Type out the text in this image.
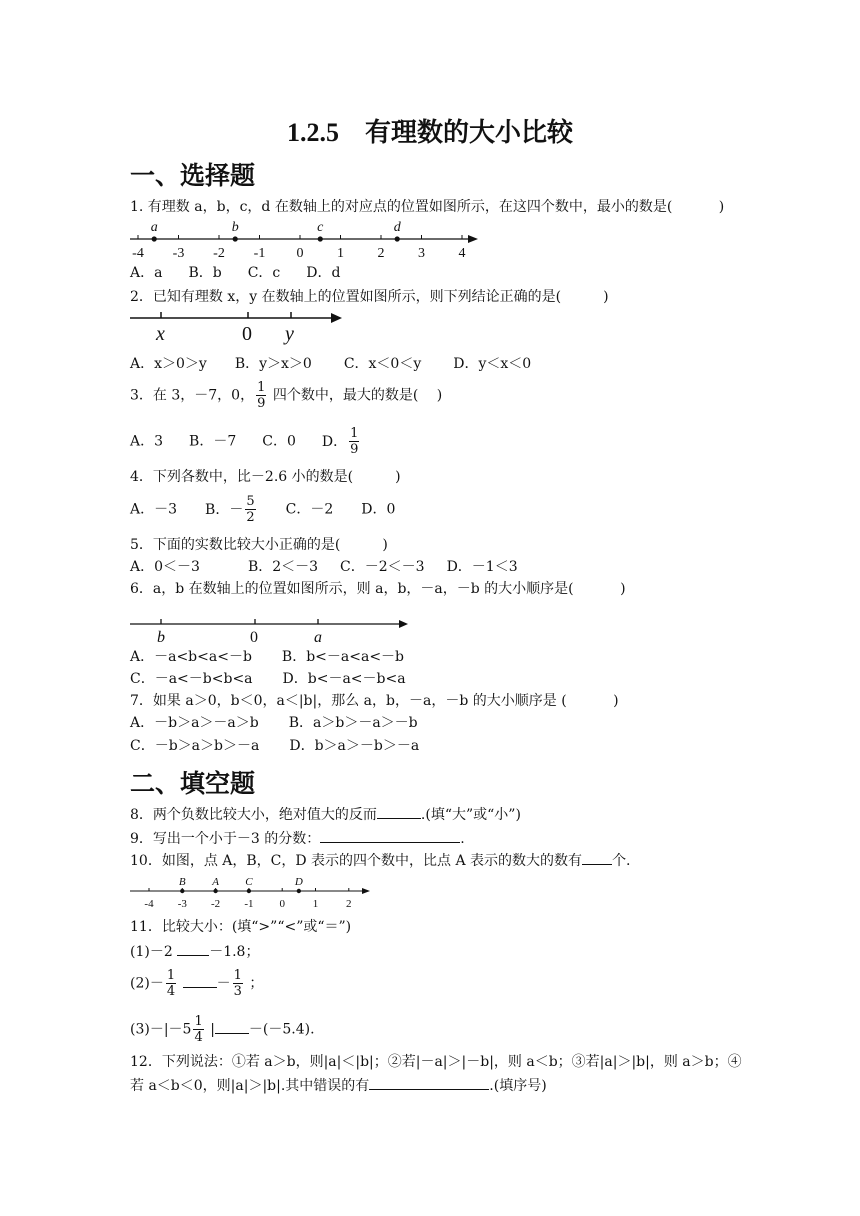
1.2.5　有理数的大小比较
一、选择题
1. 有理数 a，b，c，d 在数轴上的对应点的位置如图所示，在这四个数中，最小的数是(　　　 )
-4 -3 -2 -1 0 1 2 3 4
a	b	c	d
A．a B．b C．c D．d
2．已知有理数 x，y 在数轴上的位置如图所示，则下列结论正确的是(　　　)
x	0 y
A．x＞0＞y B．y＞x＞0 C．x＜0＜y D．y＜x＜0
3．在 3，－7，0， $\frac{1}{9}$ 四个数中，最大的数是(　 )
A．3 B．－7 C．0 D． $\frac{1}{9}$
4．下列各数中，比－2.6 小的数是(　　　)
A．－3 B．－ $\frac{5}{2}$ C．－2 D．0
5．下面的实数比较大小正确的是(　　　)
A．0＜－3	B．2＜－3 C．－2＜－3 D．－1＜3
6．a，b 在数轴上的位置如图所示，则 a，b，－a，－b 的大小顺序是(　　　 )
b	0	a
A．－a<b<a<－b B．b<－a<a<－b
C．－a<－b<b<a D．b<－a<－b<a
7．如果 a＞0，b＜0，a＜|b|，那么 a，b，－a，－b 的大小顺序是 (　　　 )
A．－b＞a＞－a＞b B．a＞b＞－a＞－b
C．－b＞a＞b＞－a D．b＞a＞－b＞－a
二、填空题
8．两个负数比较大小，绝对值大的反而	.(填“大”或“小”)
9．写出一个小于－3 的分数：	.
10．如图，点 A，B，C，D 表示的四个数中，比点 A 表示的数大的数有 个.
-4 -3 -2 -1 0	1	2
B A C	D
11．比较大小：(填“>”“<”或“＝”)
(1)－2	－1.8；
$(2)- \frac{1}{4}$	－ $\frac{1}{3}$ ；
$(3)-|-5 \frac{1}{4}$ | －(－5.4).
12．下列说法：①若 a＞b，则|a|＜|b|；②若|－a|＞|－b|，则 a＜b；③若|a|＞|b|，则 a＞b；④
若 a＜b＜0，则|a|＞|b|.其中错误的有	.(填序号)
